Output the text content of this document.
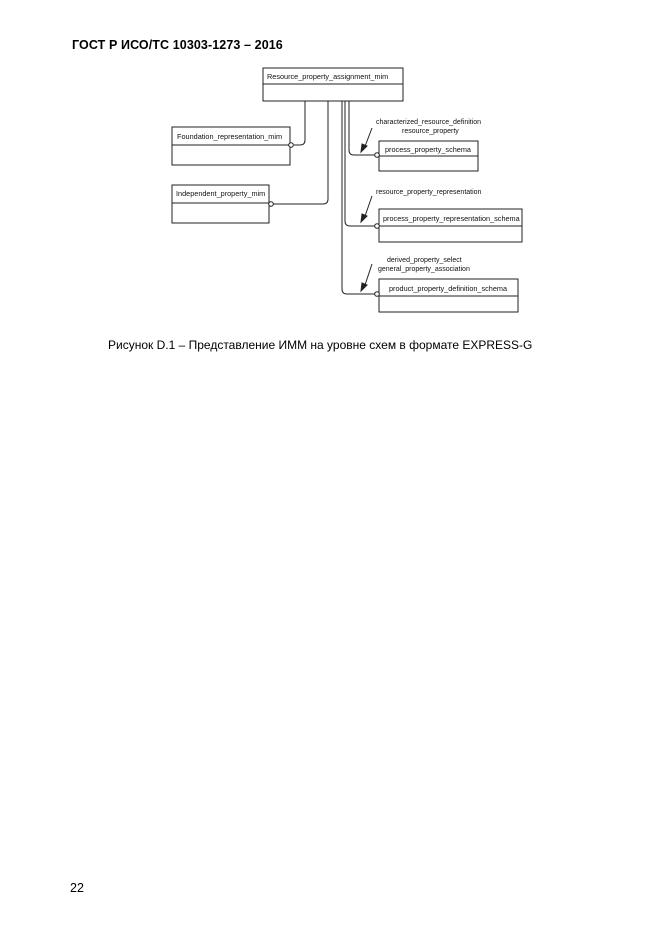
ГОСТ Р ИСО/ТС 10303-1273 – 2016
Resource_property_assignment_mim
Foundation_representation_mim
Independent_property_mim
process_property_schema
process_property_representation_schema
product_property_definition_schema
characterized_resource_definition
resource_property
resource_property_representation
derived_property_select
general_property_association
Рисунок D.1 – Представление ИММ на уровне схем в формате EXPRESS-G
22
